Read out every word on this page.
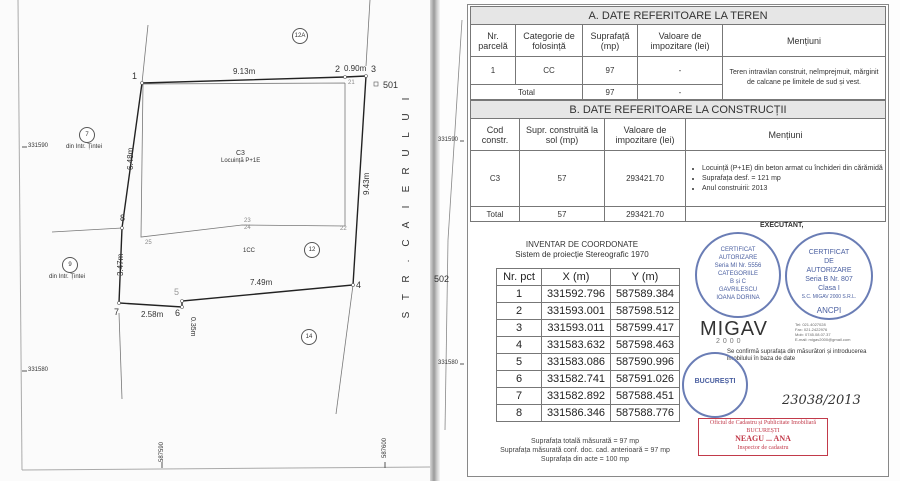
12A
7
din Intr. Țintei
9
din Intr. Țintei
12
14
C3
Locuință P+1E
1CC
1
2	3
4
5
6
7
8
21
22
23
24
25
9.13m	0.90m
9.43m
7.49m
0.35m
2.58m
3.47m
6.48m
501
I
U
L
U
R
E
I
A
C
.
R
T
S
331590
331580
587590	587600
502
331590
331580
A. DATE REFERITOARE LA TEREN				
Nr. parcelă	Categorie de folosință	Suprafață (mp)	Valoare de impozitare (lei)	Mențiuni
1	CC	97	-	Teren intravilan construit, neîmprejmuit, mărginit de calcane pe limitele de sud și vest.
Total		97	-	
B. DATE REFERITOARE LA CONSTRUCȚII			
Cod constr.	Supr. construită la sol (mp)	Valoare de impozitare (lei)	Mențiuni
C3	57	293421.70	
• Locuință (P+1E) din beton armat cu închideri din cărămidă
• Suprafața desf. = 121 mp
• Anul construirii: 2013

Total	57	293421.70	
INVENTAR DE COORDONATE
Sistem de proiecție Stereografic 1970
Nr. pct	X (m)	Y (m)
1	331592.796	587589.384
2	331593.001	587598.512
3	331593.011	587599.417
4	331583.632	587598.463
5	331583.086	587590.996
6	331582.741	587591.026
7	331582.892	587588.451
8	331586.346	587588.776
Suprafața totală măsurată = 97 mp
Suprafața măsurată conf. doc. cad. anterioară = 97 mp
Suprafața din acte = 100 mp
EXECUTANT,
CERTIFICAT
AUTORIZARE
Seria MI Nr. 5556
CATEGORIILE
B și C
GAVRILESCU
IOANA DORINA
CERTIFICAT
DE
AUTORIZARE
Seria B Nr. 807
Clasa I
S.C. MIGAV 2000 S.R.L.
ANCPI
MIGAV
2000
Tel: 021.4027028
Fax: 021.2422976
Mob: 0745.08.07.37
E-mail: migav2000@gmail.com
Se confirmă suprafața din măsurători și introducerea imobilului în baza de date
BUCUREȘTI
23038/2013
Oficiul de Cadastru și Publicitate Imobiliară
BUCUREȘTI
NEAGU ... ANA
Inspector de cadastru
